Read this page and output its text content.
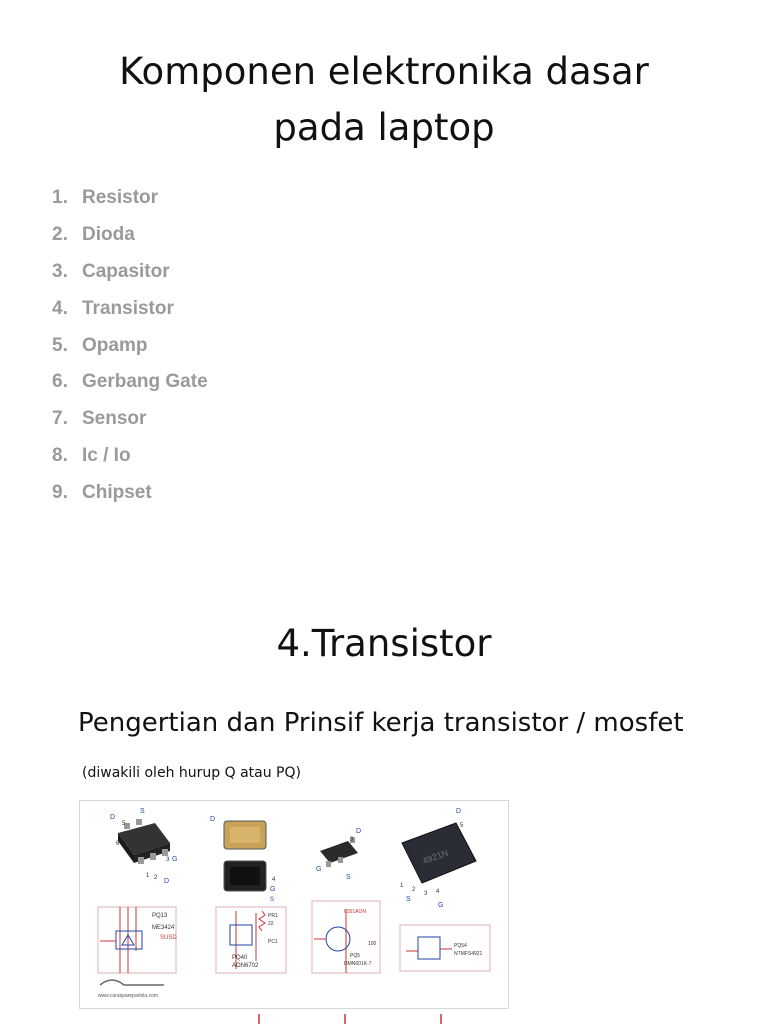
Komponen elektronika dasar
pada laptop
1. Resistor
2. Dioda
3. Capasitor
4. Transistor
5. Opamp
6. Gerbang Gate
7. Sensor
8. Ic / Io
9. Chipset
4.Transistor
Pengertian dan Prinsif kerja transistor / mosfet
(diwakili oleh hurup Q atau PQ)
D
S
G
D
1 2
3
6
5
D
G
S
4
D
3
G
S
4921N
D
5
1
2
3 4
S
G
PQ13
ME3424
SUSD
PQ40
AON6702
PR1
22
PC1
6351AON
PQ5
DMN601K-7
100	PQ54
NTMFS4921
www.curasparepartsla.com
